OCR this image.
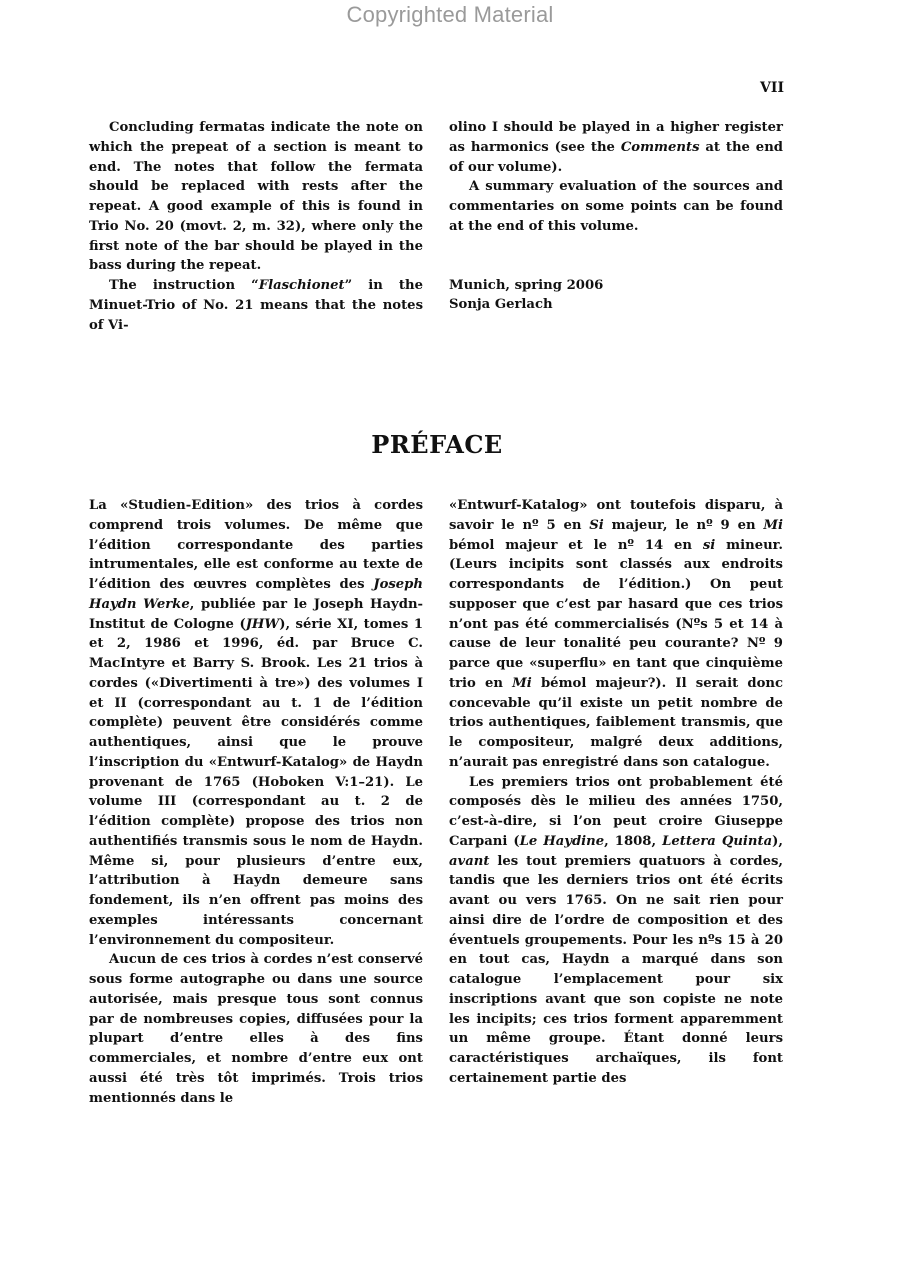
Copyrighted Material
VII

Concluding fermatas indicate the note on which the prepeat of a section is meant to end. The notes that follow the fermata should be replaced with rests after the repeat. A good example of this is found in Trio No. 20 (movt. 2, m. 32), where only the first note of the bar should be played in the bass during the repeat.

The instruction “Flaschionet” in the Minuet-Trio of No. 21 means that the notes of Vi-

olino I should be played in a higher register as harmonics (see the Comments at the end of our volume).

A summary evaluation of the sources and commentaries on some points can be found at the end of this volume.

Munich, spring 2006
Sonja Gerlach
PRÉFACE

La «Studien-Edition» des trios à cordes comprend trois volumes. De même que l’édition correspondante des parties intrumentales, elle est conforme au texte de l’édition des œuvres complètes des Joseph Haydn Werke, publiée par le Joseph Haydn-Institut de Cologne (JHW), série XI, tomes 1 et 2, 1986 et 1996, éd. par Bruce C. MacIntyre et Barry S. Brook. Les 21 trios à cordes («Divertimenti à tre») des volumes I et II (correspondant au t. 1 de l’édition complète) peuvent être considérés comme authentiques, ainsi que le prouve l’inscription du «Entwurf-Katalog» de Haydn provenant de 1765 (Hoboken V:1–21). Le volume III (correspondant au t. 2 de l’édition complète) propose des trios non authentifiés transmis sous le nom de Haydn. Même si, pour plusieurs d’entre eux, l’attribution à Haydn demeure sans fondement, ils n’en offrent pas moins des exemples intéressants concernant l’environnement du compositeur.

Aucun de ces trios à cordes n’est conservé sous forme autographe ou dans une source autorisée, mais presque tous sont connus par de nombreuses copies, diffusées pour la plupart d’entre elles à des fins commerciales, et nombre d’entre eux ont aussi été très tôt imprimés. Trois trios mentionnés dans le

«Entwurf-Katalog» ont toutefois disparu, à savoir le nº 5 en Si majeur, le nº 9 en Mi bémol majeur et le nº 14 en si mineur. (Leurs incipits sont classés aux endroits correspondants de l’édition.) On peut supposer que c’est par hasard que ces trios n’ont pas été commercialisés (Nºs 5 et 14 à cause de leur tonalité peu courante? Nº 9 parce que «superflu» en tant que cinquième trio en Mi bémol majeur?). Il serait donc concevable qu’il existe un petit nombre de trios authentiques, faiblement transmis, que le compositeur, malgré deux additions, n’aurait pas enregistré dans son catalogue.

Les premiers trios ont probablement été composés dès le milieu des années 1750, c’est-à-dire, si l’on peut croire Giuseppe Carpani (Le Haydine, 1808, Lettera Quinta), avant les tout premiers quatuors à cordes, tandis que les derniers trios ont été écrits avant ou vers 1765. On ne sait rien pour ainsi dire de l’ordre de composition et des éventuels groupements. Pour les nºs 15 à 20 en tout cas, Haydn a marqué dans son catalogue l’emplacement pour six inscriptions avant que son copiste ne note les incipits; ces trios forment apparemment un même groupe. Étant donné leurs caractéristiques archaïques, ils font certainement partie des
